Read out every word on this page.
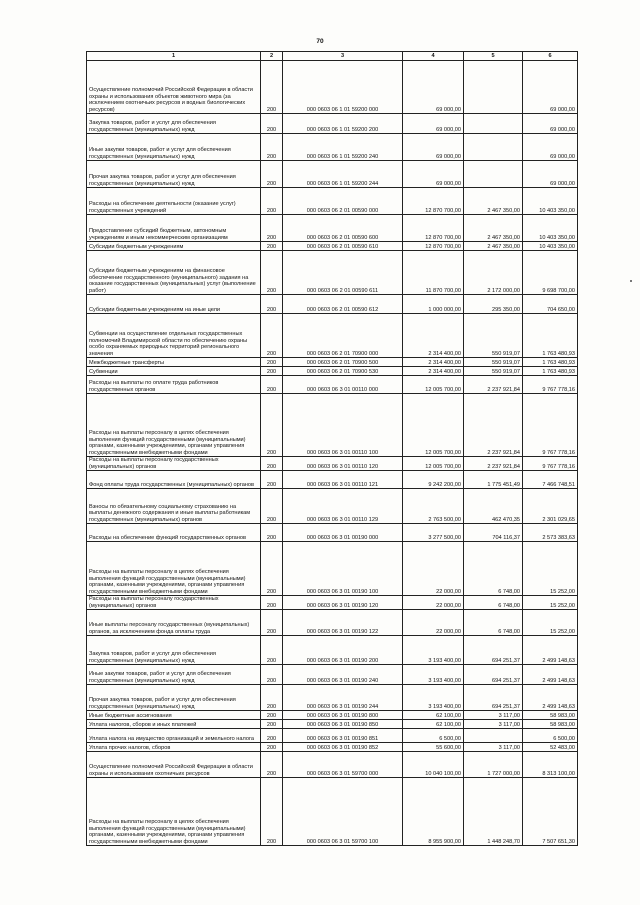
70
1	2	3	4	5	6
Осуществление полномочий Российской Федерации в области охраны и использования объектов животного мира (за исключением охотничьих ресурсов и водных биологических ресурсов)	200	000 0603 06 1 01 59200 000	69 000,00		69 000,00
Закупка товаров, работ и услуг для обеспечения государственных (муниципальных) нужд	200	000 0603 06 1 01 59200 200	69 000,00		69 000,00
Иные закупки товаров, работ и услуг для обеспечения государственных (муниципальных) нужд	200	000 0603 06 1 01 59200 240	69 000,00		69 000,00
Прочая закупка товаров, работ и услуг для обеспечения государственных (муниципальных) нужд	200	000 0603 06 1 01 59200 244	69 000,00		69 000,00
Расходы на обеспечение деятельности (оказание услуг) государственных учреждений	200	000 0603 06 2 01 00590 000	12 870 700,00	2 467 350,00	10 403 350,00
Предоставление субсидий бюджетным, автономным учреждениям и иным некоммерческим организациям	200	000 0603 06 2 01 00590 600	12 870 700,00	2 467 350,00	10 403 350,00
Субсидии бюджетным учреждениям	200	000 0603 06 2 01 00590 610	12 870 700,00	2 467 350,00	10 403 350,00
Субсидии бюджетным учреждениям на финансовое обеспечение государственного (муниципального) задания на оказание государственных (муниципальных) услуг (выполнение работ)	200	000 0603 06 2 01 00590 611	11 870 700,00	2 172 000,00	9 698 700,00
Субсидии бюджетным учреждениям на иные цели	200	000 0603 06 2 01 00590 612	1 000 000,00	295 350,00	704 650,00
Субвенции на осуществление отдельных государственных полномочий Владимирской области по обеспечению охраны особо охраняемых природных территорий регионального значения	200	000 0603 06 2 01 70900 000	2 314 400,00	550 919,07	1 763 480,93
Межбюджетные трансферты	200	000 0603 06 2 01 70900 500	2 314 400,00	550 919,07	1 763 480,93
Субвенции	200	000 0603 06 2 01 70900 530	2 314 400,00	550 919,07	1 763 480,93
Расходы на выплаты по оплате труда работников государственных органов	200	000 0603 06 3 01 00110 000	12 005 700,00	2 237 921,84	9 767 778,16
Расходы на выплаты персоналу в целях обеспечения выполнения функций государственными (муниципальными) органами, казенными учреждениями, органами управления государственными внебюджетными фондами	200	000 0603 06 3 01 00110 100	12 005 700,00	2 237 921,84	9 767 778,16
Расходы на выплаты персоналу государственных (муниципальных) органов	200	000 0603 06 3 01 00110 120	12 005 700,00	2 237 921,84	9 767 778,16
Фонд оплаты труда государственных (муниципальных) органов	200	000 0603 06 3 01 00110 121	9 242 200,00	1 775 451,49	7 466 748,51
Взносы по обязательному социальному страхованию на выплаты денежного содержания и иные выплаты работникам государственных (муниципальных) органов	200	000 0603 06 3 01 00110 129	2 763 500,00	462 470,35	2 301 029,65
Расходы на обеспечение функций государственных органов	200	000 0603 06 3 01 00190 000	3 277 500,00	704 116,37	2 573 383,63
Расходы на выплаты персоналу в целях обеспечения выполнения функций государственными (муниципальными) органами, казенными учреждениями, органами управления государственными внебюджетными фондами	200	000 0603 06 3 01 00190 100	22 000,00	6 748,00	15 252,00
Расходы на выплаты персоналу государственных (муниципальных) органов	200	000 0603 06 3 01 00190 120	22 000,00	6 748,00	15 252,00
Иные выплаты персоналу государственных (муниципальных) органов, за исключением фонда оплаты труда	200	000 0603 06 3 01 00190 122	22 000,00	6 748,00	15 252,00
Закупка товаров, работ и услуг для обеспечения государственных (муниципальных) нужд	200	000 0603 06 3 01 00190 200	3 193 400,00	694 251,37	2 499 148,63
Иные закупки товаров, работ и услуг для обеспечения государственных (муниципальных) нужд	200	000 0603 06 3 01 00190 240	3 193 400,00	694 251,37	2 499 148,63
Прочая закупка товаров, работ и услуг для обеспечения государственных (муниципальных) нужд	200	000 0603 06 3 01 00190 244	3 193 400,00	694 251,37	2 499 148,63
Иные бюджетные ассигнования	200	000 0603 06 3 01 00190 800	62 100,00	3 117,00	58 983,00
Уплата налогов, сборов и иных платежей	200	000 0603 06 3 01 00190 850	62 100,00	3 117,00	58 983,00
Уплата налога на имущество организаций и земельного налога	200	000 0603 06 3 01 00190 851	6 500,00		6 500,00
Уплата прочих налогов, сборов	200	000 0603 06 3 01 00190 852	55 600,00	3 117,00	52 483,00
Осуществление полномочий Российской Федерации в области охраны и использования охотничьих ресурсов	200	000 0603 06 3 01 59700 000	10 040 100,00	1 727 000,00	8 313 100,00
Расходы на выплаты персоналу в целях обеспечения выполнения функций государственными (муниципальными) органами, казенными учреждениями, органами управления государственными внебюджетными фондами	200	000 0603 06 3 01 59700 100	8 955 900,00	1 448 248,70	7 507 651,30
